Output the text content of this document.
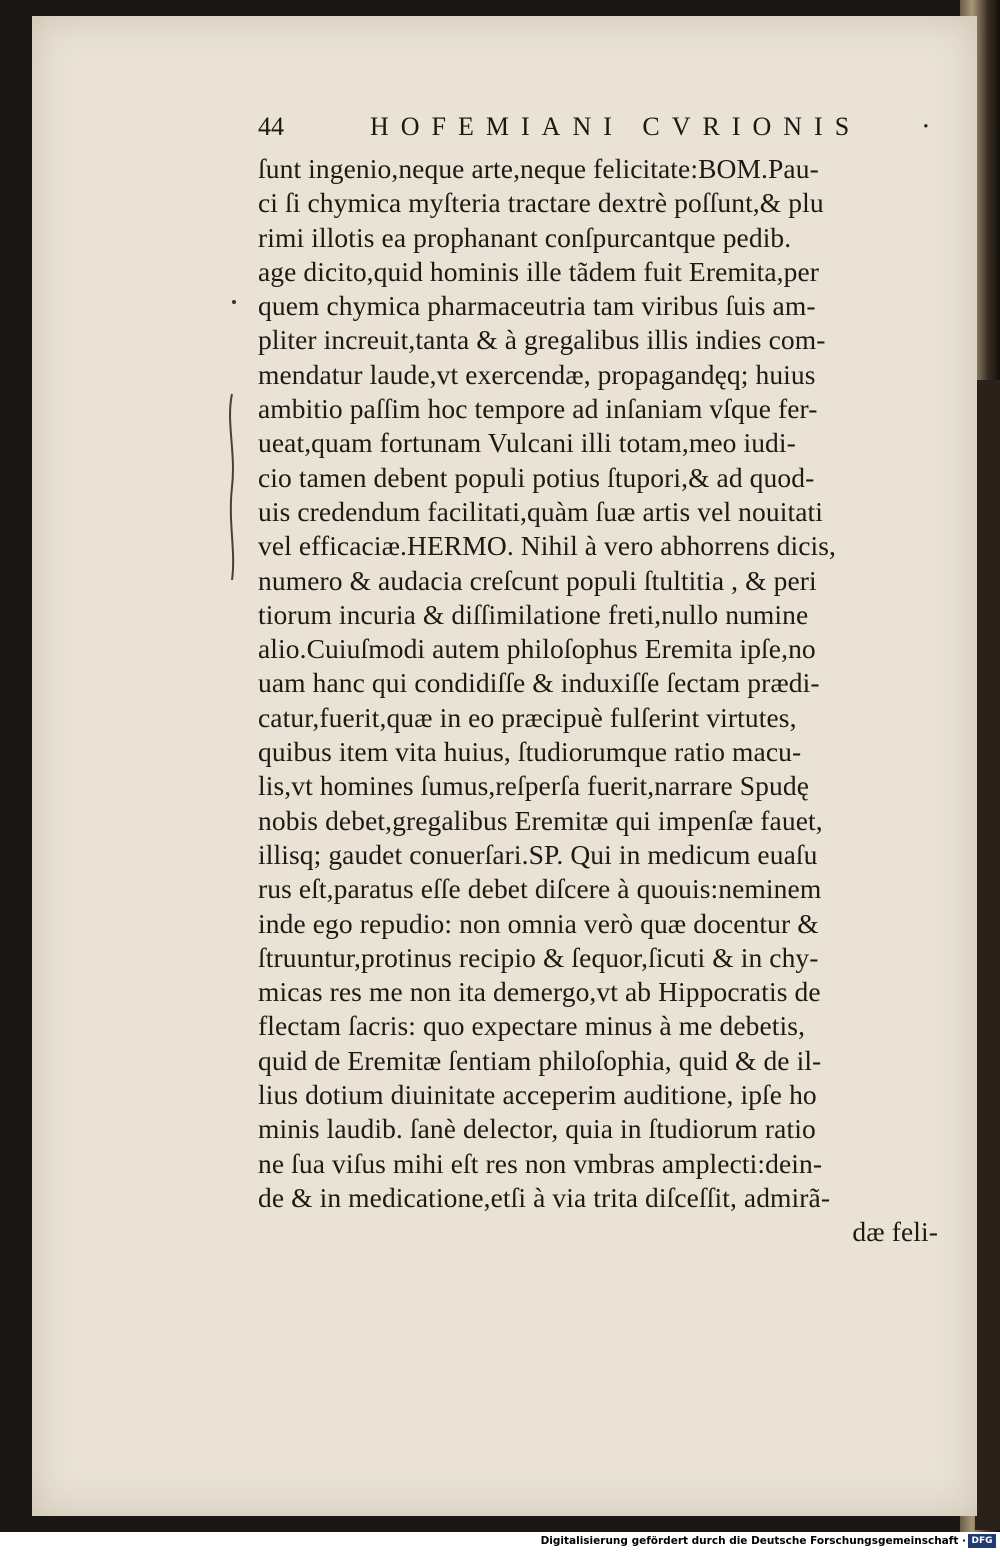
44	HOFEMIANI CVRIONIS ·
ſunt ingenio,neque arte,neque felicitate:BOM.Pau-
ci ſi chymica myſteria tractare dextrè poſſunt,& plu
rimi illotis ea prophanant conſpurcantque pedib.
age dicito,quid hominis ille tãdem fuit Eremita,per
quem chymica pharmaceutria tam viribus ſuis am-
pliter increuit,tanta & à gregalibus illis indies com-
mendatur laude,vt exercendæ, propagandęq; huius
ambitio paſſim hoc tempore ad inſaniam vſque fer-
ueat,quam fortunam Vulcani illi totam,meo iudi-
cio tamen debent populi potius ſtupori,& ad quod-
uis credendum facilitati,quàm ſuæ artis vel nouitati
vel efficaciæ.HERMO. Nihil à vero abhorrens dicis,
numero & audacia creſcunt populi ſtultitia , & peri
tiorum incuria & diſſimilatione freti,nullo numine
alio.Cuiuſmodi autem philoſophus Eremita ipſe,no
uam hanc qui condidiſſe & induxiſſe ſectam prædi-
catur,fuerit,quæ in eo præcipuè fulſerint virtutes,
quibus item vita huius, ſtudiorumque ratio macu-
lis,vt homines ſumus,reſperſa fuerit,narrare Spudę
nobis debet,gregalibus Eremitæ qui impenſæ fauet,
illisq; gaudet conuerſari.SP. Qui in medicum euaſu
rus eſt,paratus eſſe debet diſcere à quouis:neminem
inde ego repudio: non omnia verò quæ docentur &
ſtruuntur,protinus recipio & ſequor,ſicuti & in chy-
micas res me non ita demergo,vt ab Hippocratis de
flectam ſacris: quo expectare minus à me debetis,
quid de Eremitæ ſentiam philoſophia, quid & de il-
lius dotium diuinitate acceperim auditione, ipſe ho
minis laudib. ſanè delector, quia in ſtudiorum ratio
ne ſua viſus mihi eſt res non vmbras amplecti:dein-
de & in medicatione,etſi à via trita diſceſſit, admirã-
dæ feli-
Digitalisierung gefördert durch die Deutsche Forschungsgemeinschaft · DFG
